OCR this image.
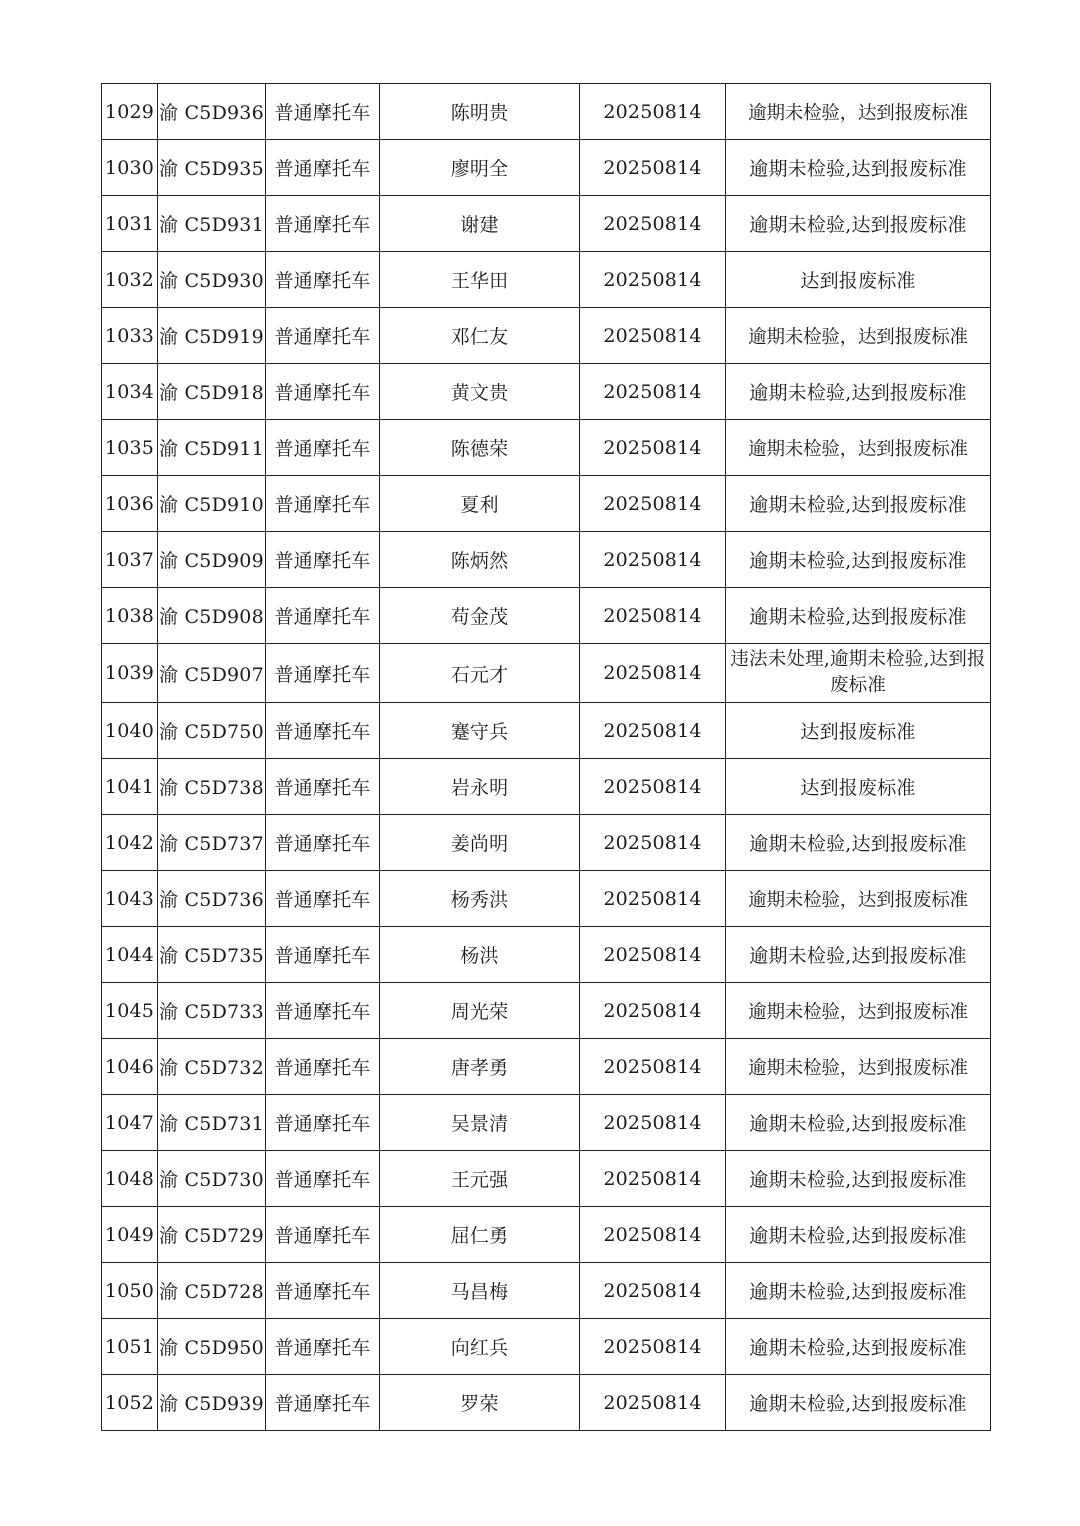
1029	渝 C5D936	普通摩托车	陈明贵	20250814	逾期未检验，达到报废标准
1030	渝 C5D935	普通摩托车	廖明全	20250814	逾期未检验,达到报废标准
1031	渝 C5D931	普通摩托车	谢建	20250814	逾期未检验,达到报废标准
1032	渝 C5D930	普通摩托车	王华田	20250814	达到报废标准
1033	渝 C5D919	普通摩托车	邓仁友	20250814	逾期未检验，达到报废标准
1034	渝 C5D918	普通摩托车	黄文贵	20250814	逾期未检验,达到报废标准
1035	渝 C5D911	普通摩托车	陈德荣	20250814	逾期未检验，达到报废标准
1036	渝 C5D910	普通摩托车	夏利	20250814	逾期未检验,达到报废标准
1037	渝 C5D909	普通摩托车	陈炳然	20250814	逾期未检验,达到报废标准
1038	渝 C5D908	普通摩托车	苟金茂	20250814	逾期未检验,达到报废标准
1039	渝 C5D907	普通摩托车	石元才	20250814	违法未处理,逾期未检验,达到报废标准
1040	渝 C5D750	普通摩托车	蹇守兵	20250814	达到报废标准
1041	渝 C5D738	普通摩托车	岩永明	20250814	达到报废标准
1042	渝 C5D737	普通摩托车	姜尚明	20250814	逾期未检验,达到报废标准
1043	渝 C5D736	普通摩托车	杨秀洪	20250814	逾期未检验，达到报废标准
1044	渝 C5D735	普通摩托车	杨洪	20250814	逾期未检验,达到报废标准
1045	渝 C5D733	普通摩托车	周光荣	20250814	逾期未检验，达到报废标准
1046	渝 C5D732	普通摩托车	唐孝勇	20250814	逾期未检验，达到报废标准
1047	渝 C5D731	普通摩托车	吴景清	20250814	逾期未检验,达到报废标准
1048	渝 C5D730	普通摩托车	王元强	20250814	逾期未检验,达到报废标准
1049	渝 C5D729	普通摩托车	屈仁勇	20250814	逾期未检验,达到报废标准
1050	渝 C5D728	普通摩托车	马昌梅	20250814	逾期未检验,达到报废标准
1051	渝 C5D950	普通摩托车	向红兵	20250814	逾期未检验,达到报废标准
1052	渝 C5D939	普通摩托车	罗荣	20250814	逾期未检验,达到报废标准
